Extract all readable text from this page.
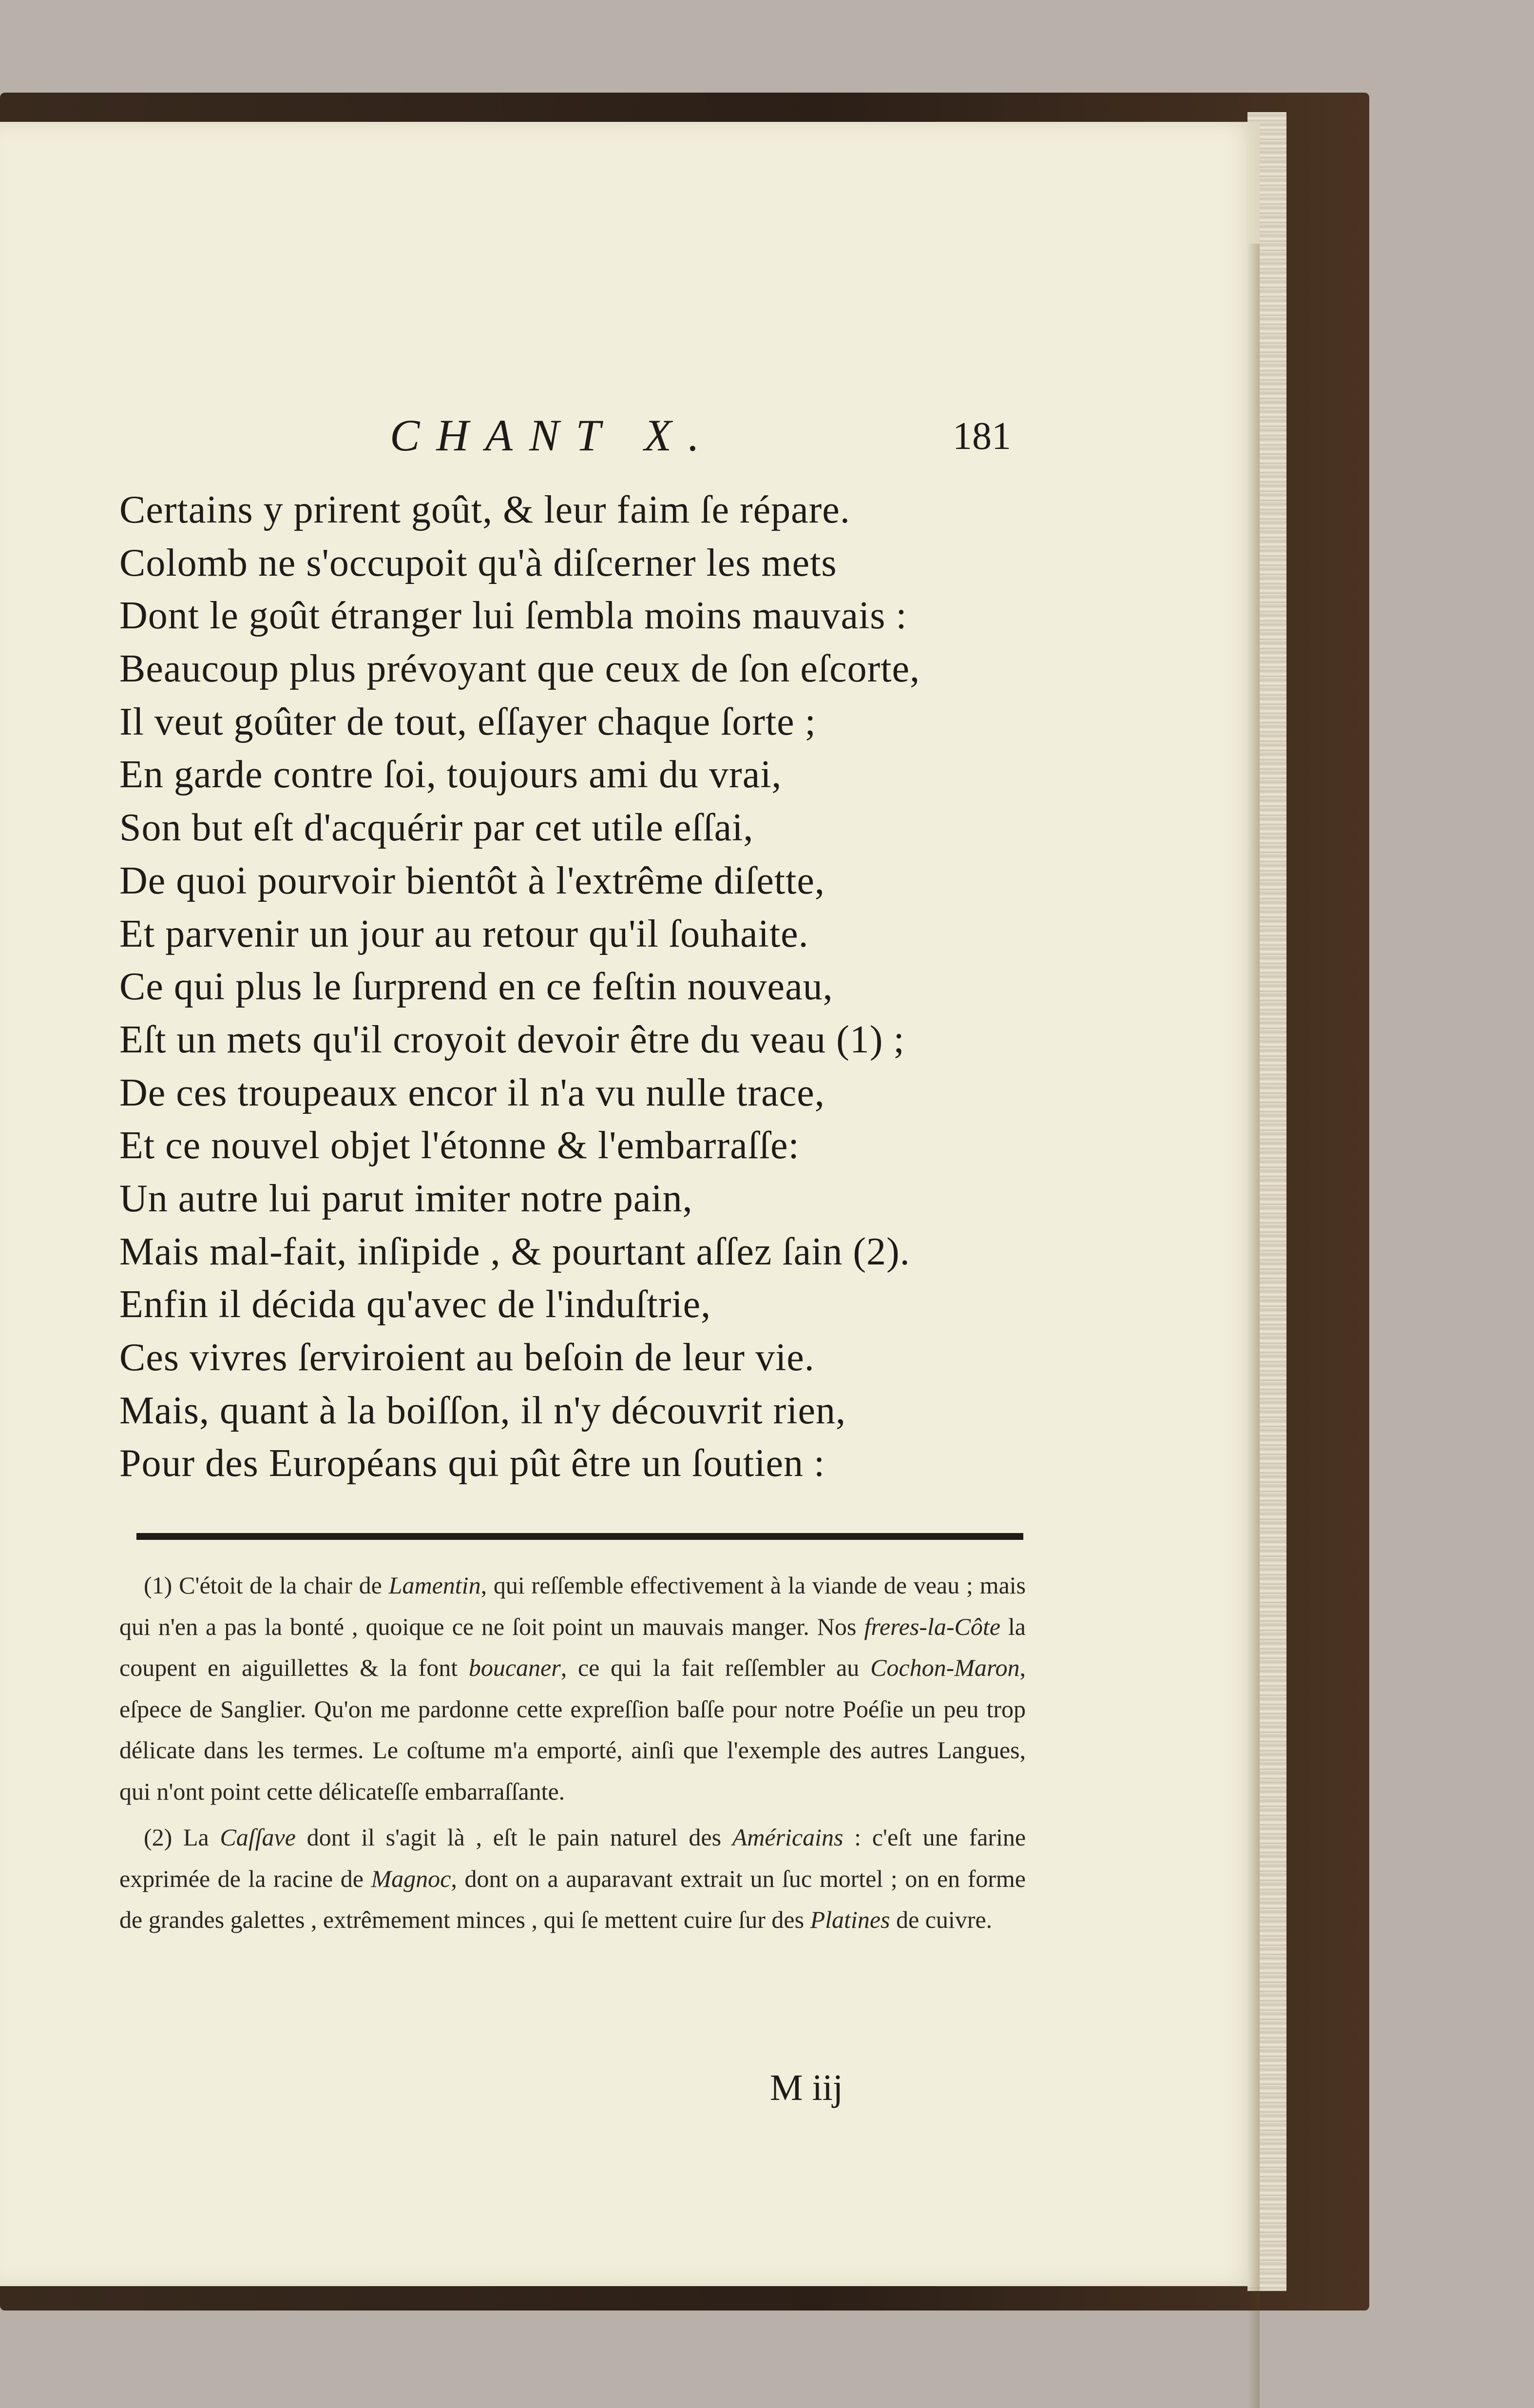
CHANT X.	181
Certains y prirent goût, & leur faim ſe répare.
Colomb ne s'occupoit qu'à diſcerner les mets
Dont le goût étranger lui ſembla moins mauvais :
Beaucoup plus prévoyant que ceux de ſon eſcorte,
Il veut goûter de tout, eſſayer chaque ſorte ;
En garde contre ſoi, toujours ami du vrai,
Son but eſt d'acquérir par cet utile eſſai,
De quoi pourvoir bientôt à l'extrême diſette,
Et parvenir un jour au retour qu'il ſouhaite.
Ce qui plus le ſurprend en ce feſtin nouveau,
Eſt un mets qu'il croyoit devoir être du veau (1) ;
De ces troupeaux encor il n'a vu nulle trace,
Et ce nouvel objet l'étonne & l'embarraſſe:
Un autre lui parut imiter notre pain,
Mais mal-fait, inſipide , & pourtant aſſez ſain (2).
Enfin il décida qu'avec de l'induſtrie,
Ces vivres ſerviroient au beſoin de leur vie.
Mais, quant à la boiſſon, il n'y découvrit rien,
Pour des Européans qui pût être un ſoutien :

(1) C'étoit de la chair de Lamentin, qui reſſemble effectivement à la viande de veau ; mais qui n'en a pas la bonté , quoique ce ne ſoit point un mauvais manger. Nos freres-la-Côte la coupent en aiguillettes & la font boucaner, ce qui la fait reſſembler au Cochon-Maron, eſpece de Sanglier. Qu'on me pardonne cette expreſſion baſſe pour notre Poéſie un peu trop délicate dans les termes. Le coſtume m'a emporté, ainſi que l'exemple des autres Langues, qui n'ont point cette délicateſſe embarraſſante.

(2) La Caſſave dont il s'agit là , eſt le pain naturel des Américains : c'eſt une farine exprimée de la racine de Magnoc, dont on a auparavant extrait un ſuc mortel ; on en forme de grandes galettes , extrêmement minces , qui ſe mettent cuire ſur des Platines de cuivre.

M iij
